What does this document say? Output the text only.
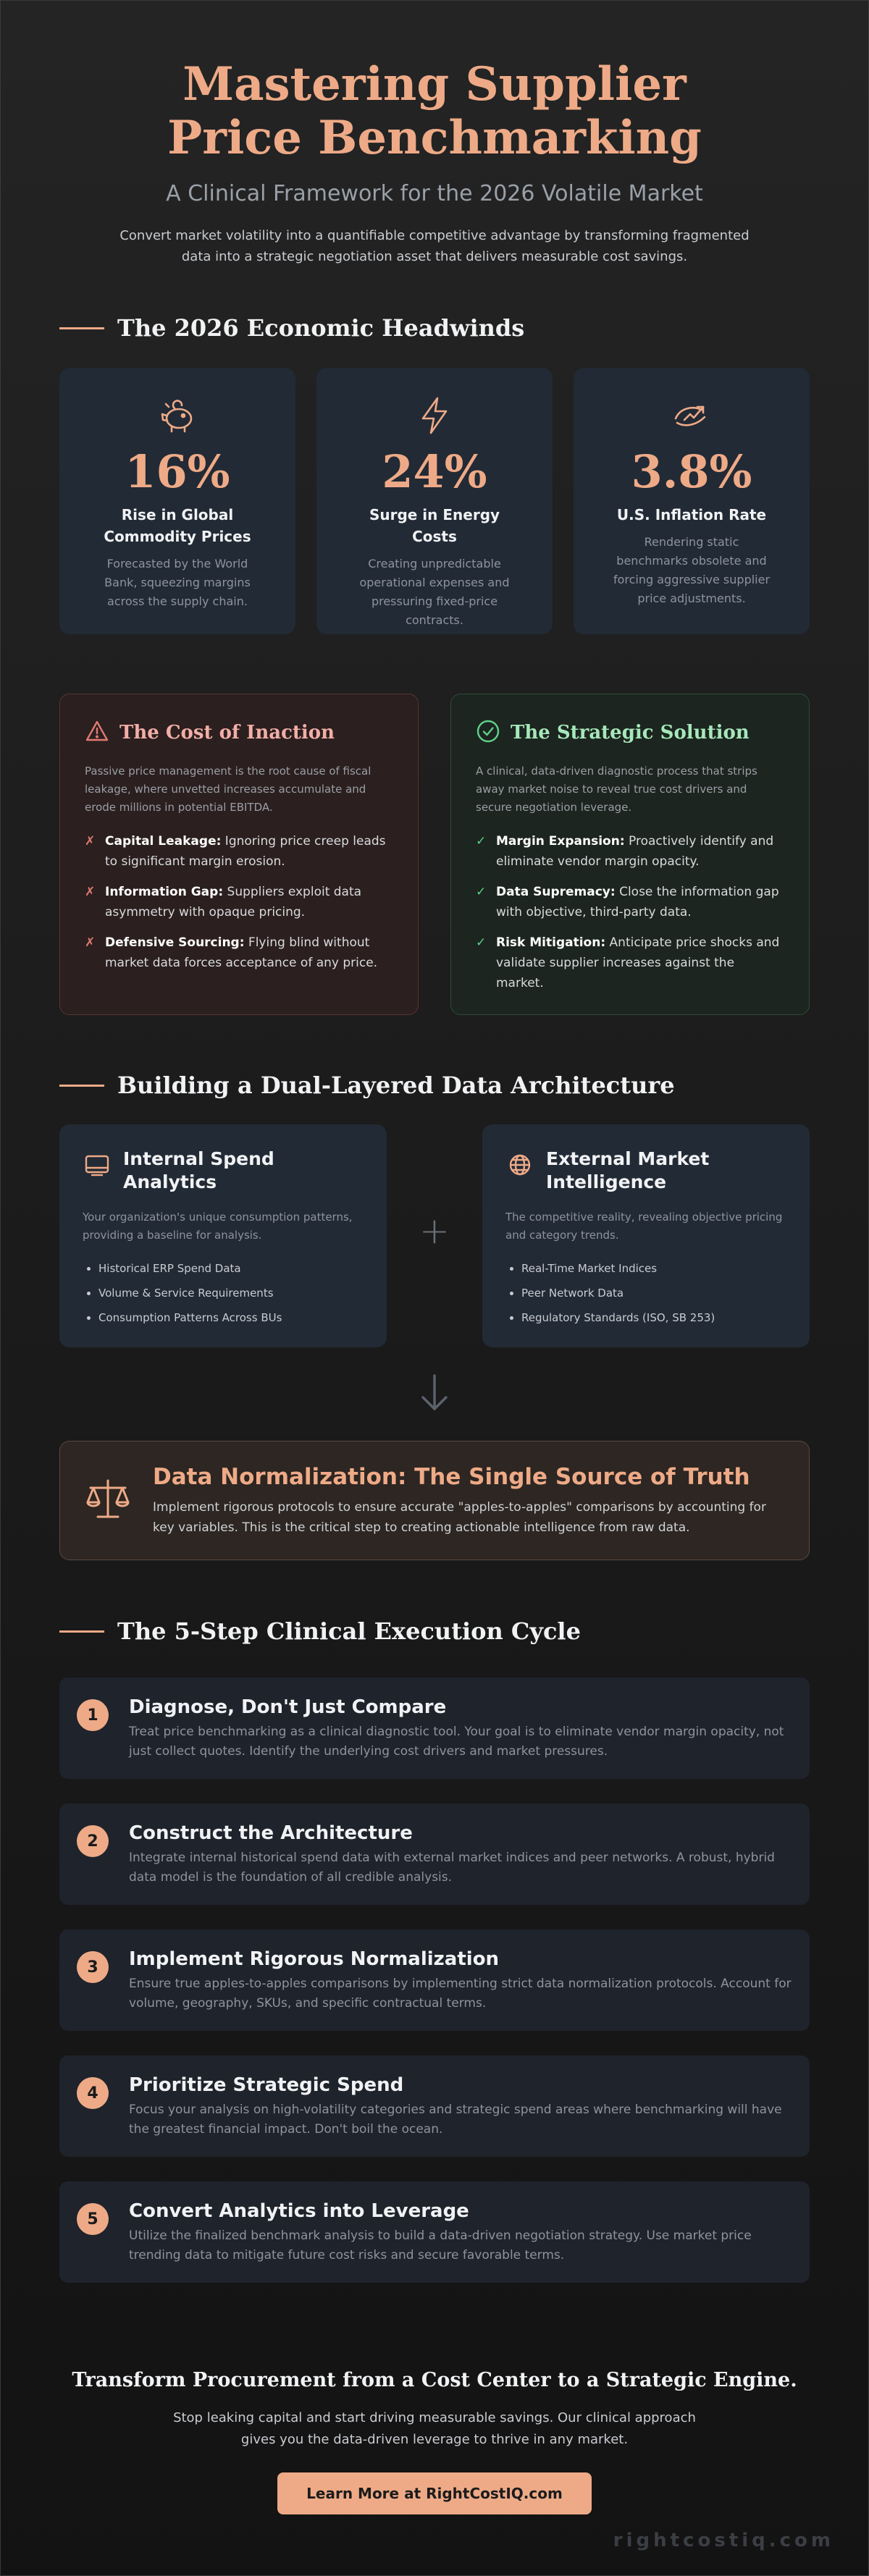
Mastering Supplier Price Benchmarking
A Clinical Framework for the 2026 Volatile Market
Convert market volatility into a quantifiable competitive advantage by transforming fragmented data into a strategic negotiation asset that delivers measurable cost savings.
The 2026 Economic Headwinds
16%
Rise in Global Commodity Prices
Forecasted by the World Bank, squeezing margins across the supply chain.
24%
Surge in Energy Costs
Creating unpredictable operational expenses and pressuring fixed-price contracts.
3.8%
U.S. Inflation Rate
Rendering static benchmarks obsolete and forcing aggressive supplier price adjustments.
The Cost of Inaction
Passive price management is the root cause of fiscal leakage, where unvetted increases accumulate and erode millions in potential EBITDA.
✗ Capital Leakage: Ignoring price creep leads to significant margin erosion.
✗ Information Gap: Suppliers exploit data asymmetry with opaque pricing.
✗ Defensive Sourcing: Flying blind without market data forces acceptance of any price.
The Strategic Solution
A clinical, data-driven diagnostic process that strips away market noise to reveal true cost drivers and secure negotiation leverage.
✓ Margin Expansion: Proactively identify and eliminate vendor margin opacity.
✓ Data Supremacy: Close the information gap with objective, third-party data.
✓ Risk Mitigation: Anticipate price shocks and validate supplier increases against the market.
Building a Dual-Layered Data Architecture
Internal Spend Analytics
Your organization's unique consumption patterns, providing a baseline for analysis.
• Historical ERP Spend Data
• Volume & Service Requirements
• Consumption Patterns Across BUs
+
External Market Intelligence
The competitive reality, revealing objective pricing and category trends.
• Real-Time Market Indices
• Peer Network Data
• Regulatory Standards (ISO, SB 253)
Data Normalization: The Single Source of Truth

Implement rigorous protocols to ensure accurate "apples-to-apples" comparisons by accounting for key variables. This is the critical step to creating actionable intelligence from raw data.

The 5-Step Clinical Execution Cycle
1	Diagnose, Don't Just Compare

Treat price benchmarking as a clinical diagnostic tool. Your goal is to eliminate vendor margin opacity, not just collect quotes. Identify the underlying cost drivers and market pressures.

2	Construct the Architecture

Integrate internal historical spend data with external market indices and peer networks. A robust, hybrid data model is the foundation of all credible analysis.

3	Implement Rigorous Normalization

Ensure true apples-to-apples comparisons by implementing strict data normalization protocols. Account for volume, geography, SKUs, and specific contractual terms.

4	Prioritize Strategic Spend

Focus your analysis on high-volatility categories and strategic spend areas where benchmarking will have the greatest financial impact. Don't boil the ocean.

5	Convert Analytics into Leverage

Utilize the finalized benchmark analysis to build a data-driven negotiation strategy. Use market price trending data to mitigate future cost risks and secure favorable terms.

Transform Procurement from a Cost Center to a Strategic Engine.

Stop leaking capital and start driving measurable savings. Our clinical approach gives you the data-driven leverage to thrive in any market.

Learn More at RightCostIQ.com
rightcostiq.com
